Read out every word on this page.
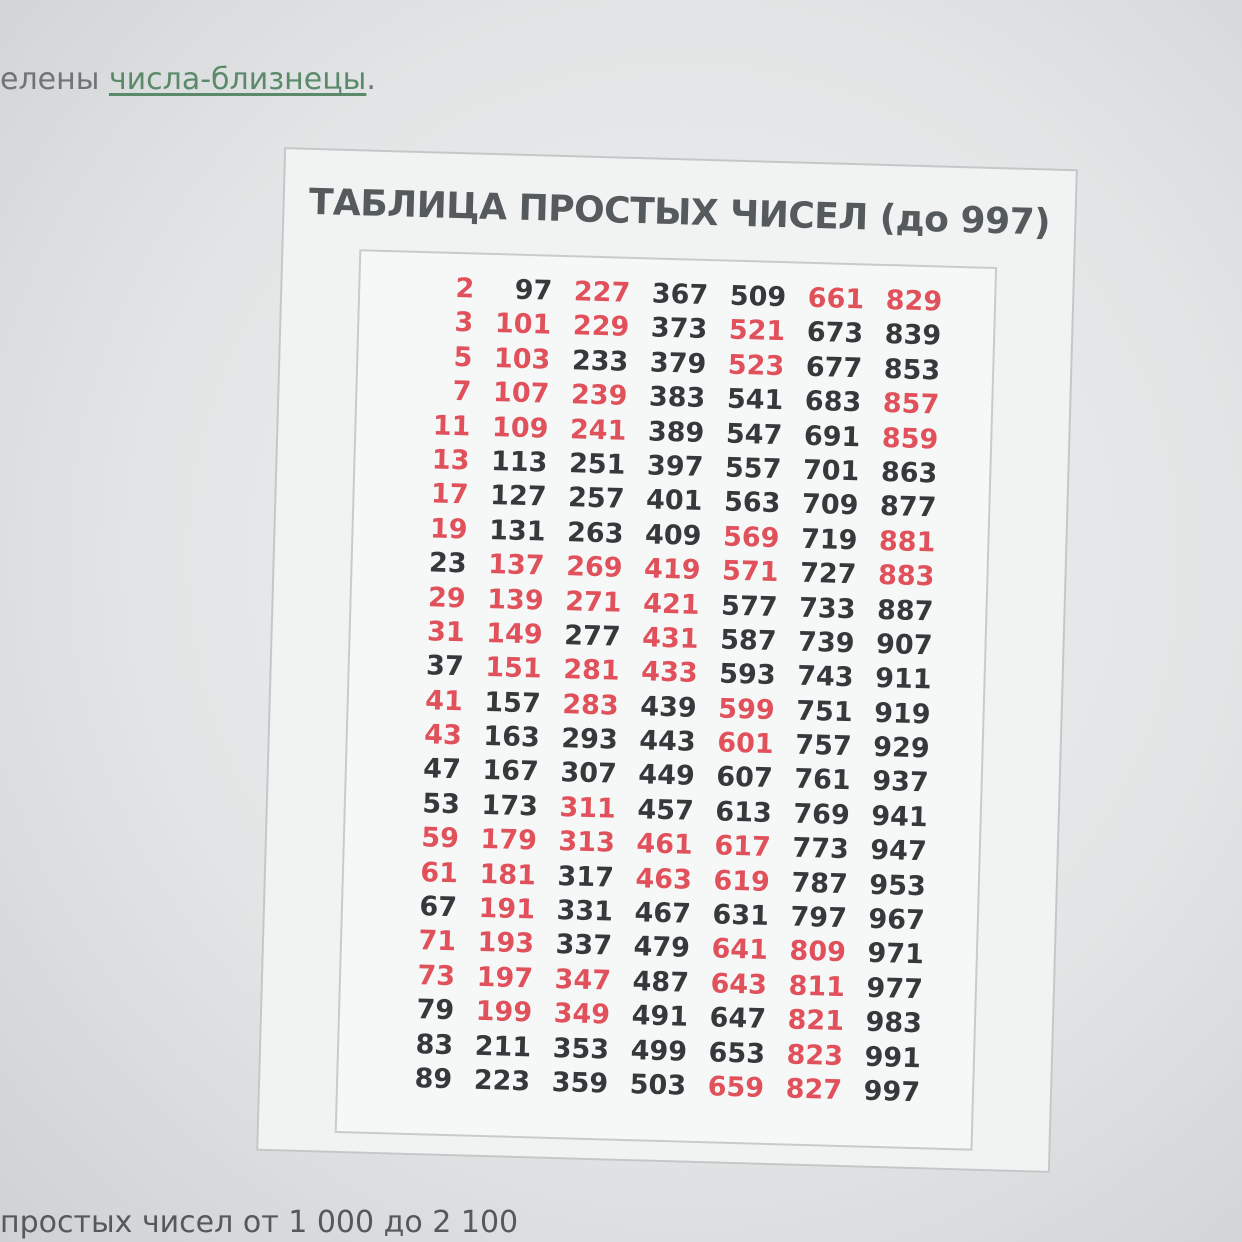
елены числа-близнецы.
ТАБЛИЦА ПРОСТЫХ ЧИСЕЛ (до 997)
2	97 227 367 509 661 829
3 101 229 373 521 673 839
5 103 233 379 523 677 853
7 107 239 383 541 683 857
11 109 241 389 547 691 859
13 113 251 397 557 701 863
17 127 257 401 563 709 877
19 131 263 409 569 719 881
23 137 269 419 571 727 883
29 139 271 421 577 733 887
31 149 277 431 587 739 907
37 151 281 433 593 743 911
41 157 283 439 599 751 919
43 163 293 443 601 757 929
47 167 307 449 607 761 937
53 173 311 457 613 769 941
59 179 313 461 617 773 947
61 181 317 463 619 787 953
67 191 331 467 631 797 967
71 193 337 479 641 809 971
73 197 347 487 643 811 977
79 199 349 491 647 821 983
83 211 353 499 653 823 991
89 223 359 503 659 827 997
простых чисел от 1 000 до 2 100
